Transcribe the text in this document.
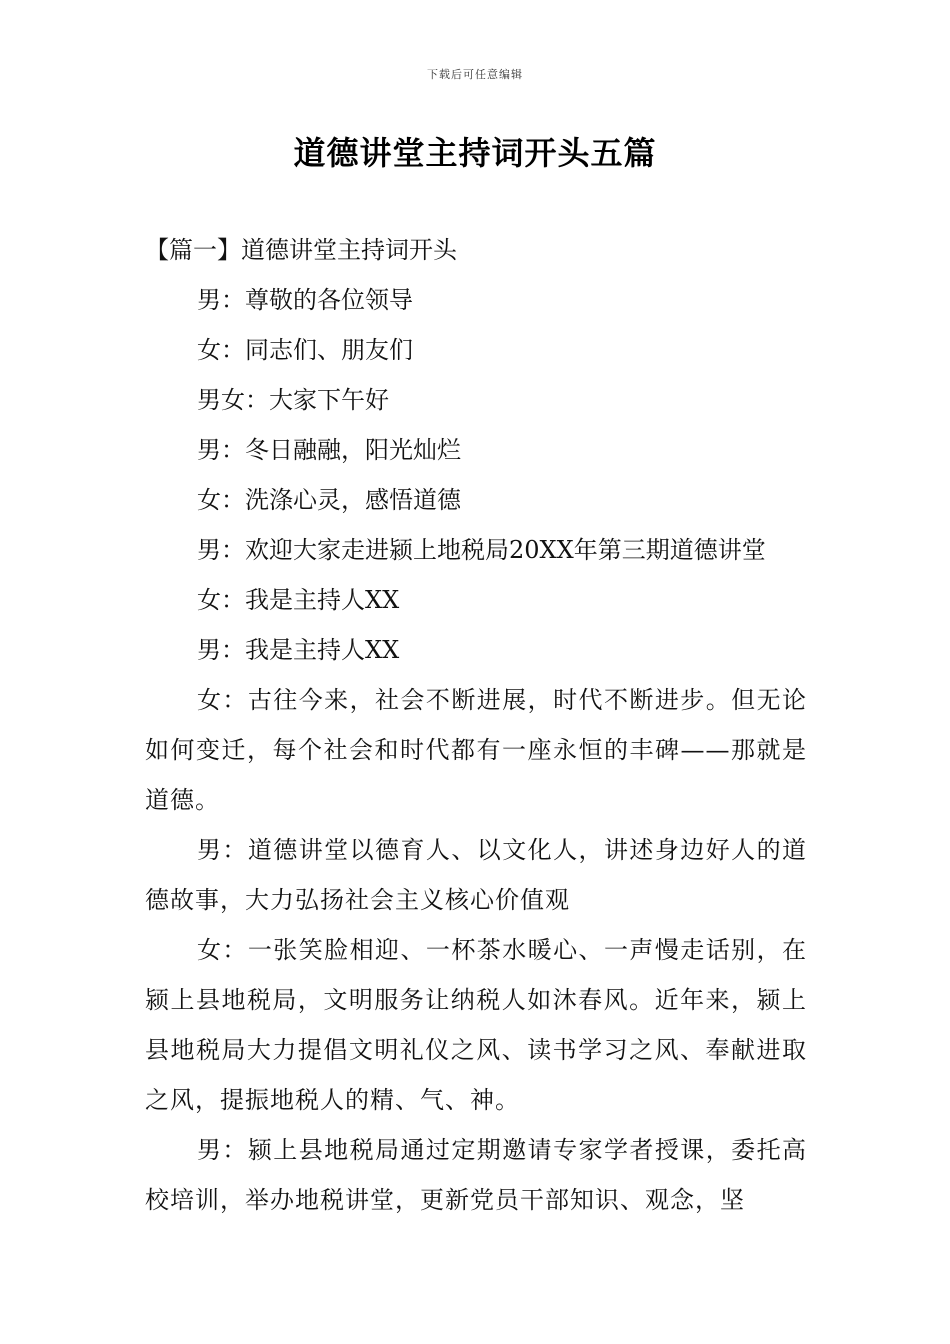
下载后可任意编辑
道德讲堂主持词开头五篇

【篇一】道德讲堂主持词开头

男：尊敬的各位领导

女：同志们、朋友们

男女：大家下午好

男：冬日融融，阳光灿烂

女：洗涤心灵，感悟道德

男：欢迎大家走进颍上地税局20XX年第三期道德讲堂

女：我是主持人XX

男：我是主持人XX

女：古往今来，社会不断进展，时代不断进步。但无论如何变迁，每个社会和时代都有一座永恒的丰碑——那就是道德。

男：道德讲堂以德育人、以文化人，讲述身边好人的道德故事，大力弘扬社会主义核心价值观

女：一张笑脸相迎、一杯茶水暖心、一声慢走话别，在颍上县地税局，文明服务让纳税人如沐春风。近年来，颍上县地税局大力提倡文明礼仪之风、读书学习之风、奉献进取之风，提振地税人的精、气、神。

男：颍上县地税局通过定期邀请专家学者授课，委托高校培训，举办地税讲堂，更新党员干部知识、观念，坚
